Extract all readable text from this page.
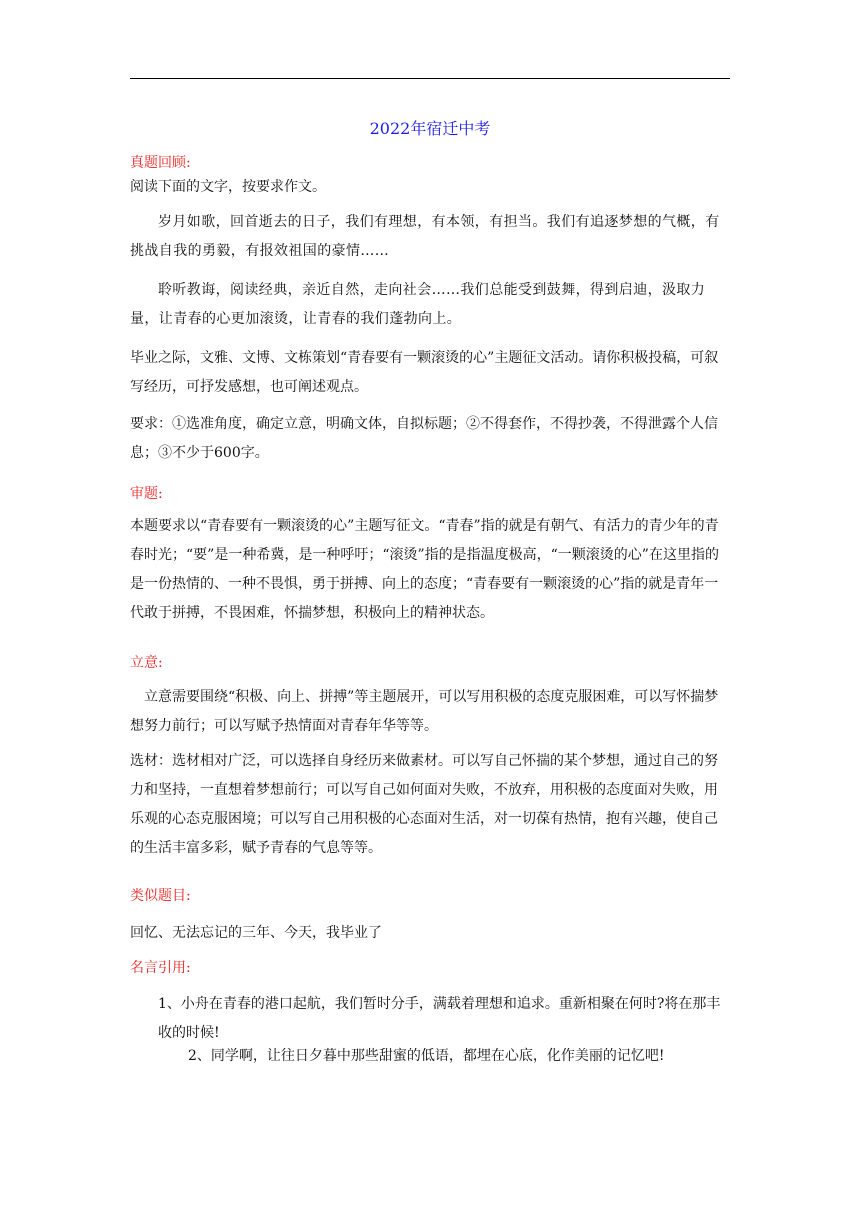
2022年宿迁中考
真题回顾:
阅读下面的文字，按要求作文。
岁月如歌，回首逝去的日子，我们有理想，有本领，有担当。我们有追逐梦想的气概，有挑战自我的勇毅，有报效祖国的豪情……
聆听教诲，阅读经典，亲近自然，走向社会……我们总能受到鼓舞，得到启迪，汲取力量，让青春的心更加滚烫，让青春的我们蓬勃向上。
毕业之际，文雅、文博、文栋策划“青春要有一颗滚烫的心”主题征文活动。请你积极投稿，可叙写经历，可抒发感想，也可阐述观点。
要求：①选准角度，确定立意，明确文体，自拟标题；②不得套作，不得抄袭，不得泄露个人信息；③不少于600字。
审题:
本题要求以“青春要有一颗滚烫的心”主题写征文。“青春”指的就是有朝气、有活力的青少年的青春时光；“要”是一种希冀，是一种呼吁；“滚烫”指的是指温度极高，“一颗滚烫的心”在这里指的是一份热情的、一种不畏惧，勇于拼搏、向上的态度；“青春要有一颗滚烫的心”指的就是青年一代敢于拼搏，不畏困难，怀揣梦想，积极向上的精神状态。
立意:
立意需要围绕“积极、向上、拼搏”等主题展开，可以写用积极的态度克服困难，可以写怀揣梦想努力前行；可以写赋予热情面对青春年华等等。
选材：选材相对广泛，可以选择自身经历来做素材。可以写自己怀揣的某个梦想，通过自己的努力和坚持，一直想着梦想前行；可以写自己如何面对失败，不放弃，用积极的态度面对失败，用乐观的心态克服困境；可以写自己用积极的心态面对生活，对一切葆有热情，抱有兴趣，使自己的生活丰富多彩，赋予青春的气息等等。
类似题目:
回忆、无法忘记的三年、今天，我毕业了
名言引用:
1、小舟在青春的港口起航，我们暂时分手，满载着理想和追求。重新相聚在何时?将在那丰收的时候!
2、同学啊，让往日夕暮中那些甜蜜的低语，都埋在心底，化作美丽的记忆吧!
